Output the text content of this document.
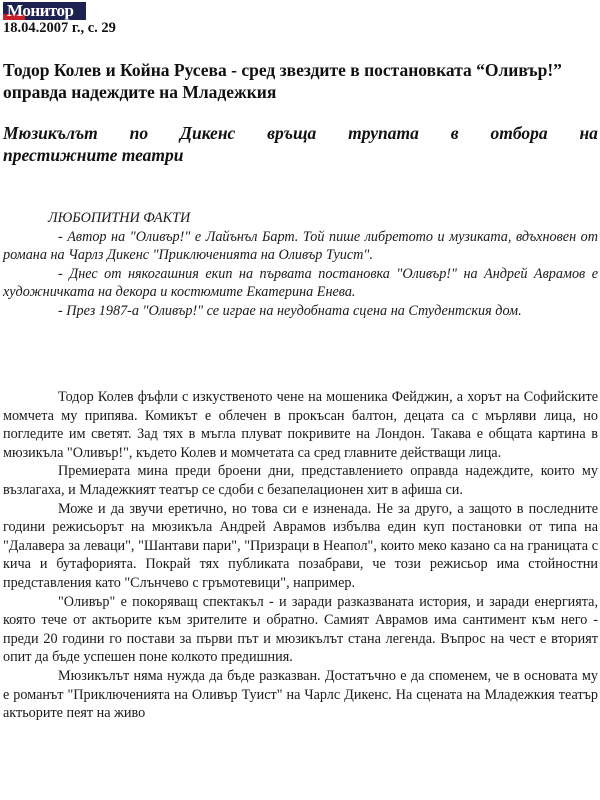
Монитор
18.04.2007 г., с. 29
Тодор Колев и Койна Русева - сред звездите в постановката “Оливър!” оправда надеждите на Младежкия
Мюзикълът по Дикенс връща трупата в отбора на
престижните театри
ЛЮБОПИТНИ ФАКТИ

- Автор на "Оливър!" е Лайънъл Барт. Той пише либретото и музиката, вдъхновен от романа на Чарлз Дикенс "Приключенията на Оливър Туист".

- Днес от някогашния екип на първата постановка "Оливър!" на Андрей Аврамов е художничката на декора и костюмите Екатерина Енева.

- През 1987-а "Оливър!" се играе на неудобната сцена на Студентския дом.

Тодор Колев фъфли с изкуственото чене на мошеника Фейджин, а хорът на Софийските момчета му припява. Комикът е облечен в прокъсан балтон, децата са с мърляви лица, но погледите им светят. Зад тях в мъгла плуват покривите на Лондон. Такава е общата картина в мюзикъла "Оливър!", където Колев и момчетата са сред главните действащи лица.

Премиерата мина преди броени дни, представлението оправда надеждите, които му възлагаха, и Младежкият театър се сдоби с безапелационен хит в афиша си.

Може и да звучи еретично, но това си е изненада. Не за друго, а защото в последните години режисьорът на мюзикъла Андрей Аврамов избълва един куп постановки от типа на "Далавера за леваци", "Шантави пари", "Призраци в Неапол", които меко казано са на границата с кича и бутафорията. Покрай тях публиката позабрави, че този режисьор има стойностни представления като "Слънчево с гръмотевици", например.

"Оливър" е покоряващ спектакъл - и заради разказваната история, и заради енергията, която тече от актьорите към зрителите и обратно. Самият Аврамов има сантимент към него - преди 20 години го постави за първи път и мюзикълът стана легенда. Въпрос на чест е вторият опит да бъде успешен поне колкото предишния.

Мюзикълът няма нужда да бъде разказван. Достатъчно е да споменем, че в основата му е романът "Приключенията на Оливър Туист" на Чарлс Дикенс. На сцената на Младежкия театър актьорите пеят на живо
